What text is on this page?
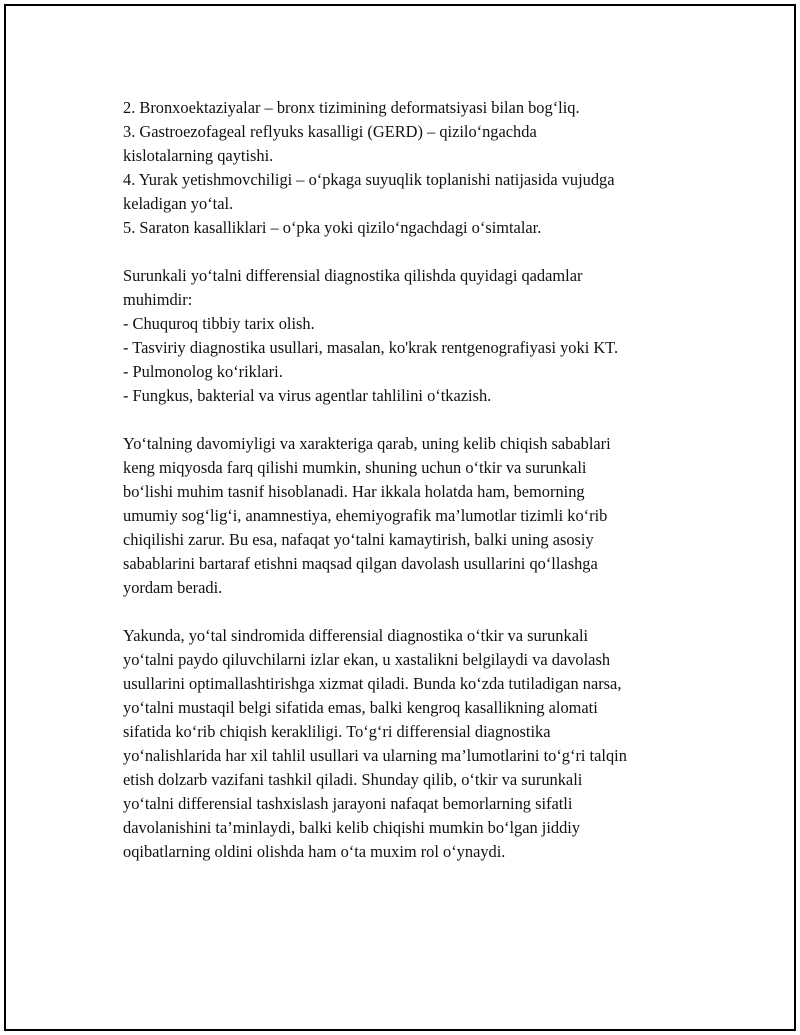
2. Bronxoektaziyalar – bronx tizimining deformatsiyasi bilan bog‘liq.
3. Gastroezofageal reflyuks kasalligi (GERD) – qizilo‘ngachda
kislotalarning qaytishi.
4. Yurak yetishmovchiligi – o‘pkaga suyuqlik toplanishi natijasida vujudga
keladigan yo‘tal.
5. Saraton kasalliklari – o‘pka yoki qizilo‘ngachdagi o‘simtalar.

Surunkali yo‘talni differensial diagnostika qilishda quyidagi qadamlar
muhimdir:
- Chuquroq tibbiy tarix olish.
- Tasviriy diagnostika usullari, masalan, ko'krak rentgenografiyasi yoki KT.
- Pulmonolog ko‘riklari.
- Fungkus, bakterial va virus agentlar tahlilini o‘tkazish.

Yo‘talning davomiyligi va xarakteriga qarab, uning kelib chiqish sabablari
keng miqyosda farq qilishi mumkin, shuning uchun o‘tkir va surunkali
bo‘lishi muhim tasnif hisoblanadi. Har ikkala holatda ham, bemorning
umumiy sog‘lig‘i, anamnestiya, ehemiyografik ma’lumotlar tizimli ko‘rib
chiqilishi zarur. Bu esa, nafaqat yo‘talni kamaytirish, balki uning asosiy
sabablarini bartaraf etishni maqsad qilgan davolash usullarini qo‘llashga
yordam beradi.

Yakunda, yo‘tal sindromida differensial diagnostika o‘tkir va surunkali
yo‘talni paydo qiluvchilarni izlar ekan, u xastalikni belgilaydi va davolash
usullarini optimallashtirishga xizmat qiladi. Bunda ko‘zda tutiladigan narsa,
yo‘talni mustaqil belgi sifatida emas, balki kengroq kasallikning alomati
sifatida ko‘rib chiqish kerakliligi. To‘g‘ri differensial diagnostika
yo‘nalishlarida har xil tahlil usullari va ularning ma’lumotlarini to‘g‘ri talqin
etish dolzarb vazifani tashkil qiladi. Shunday qilib, o‘tkir va surunkali
yo‘talni differensial tashxislash jarayoni nafaqat bemorlarning sifatli
davolanishini ta’minlaydi, balki kelib chiqishi mumkin bo‘lgan jiddiy
oqibatlarning oldini olishda ham o‘ta muxim rol o‘ynaydi.
